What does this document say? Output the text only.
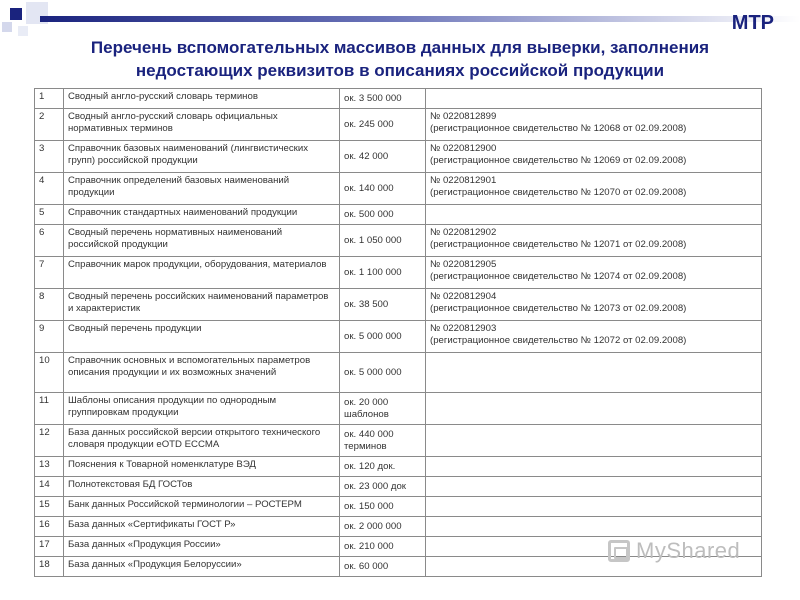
МТР
Перечень вспомогательных массивов данных для выверки, заполнения
недостающих реквизитов в описаниях российской продукции
1	Сводный англо-русский словарь терминов	ок. 3 500 000	

2	Сводный англо-русский словарь официальных нормативных терминов	ок. 245 000	№ 0220812899
(регистрационное свидетельство № 12068 от 02.09.2008)

3	Справочник базовых наименований (лингвистических групп) российской продукции	ок. 42 000	№ 0220812900
(регистрационное свидетельство № 12069 от 02.09.2008)

4	Справочник определений базовых наименований продукции	ок. 140 000	№ 0220812901
(регистрационное свидетельство № 12070 от 02.09.2008)

5	Справочник стандартных наименований продукции	ок. 500 000	

6	Сводный перечень нормативных наименований российской продукции	ок. 1 050 000	№ 0220812902
(регистрационное свидетельство № 12071 от 02.09.2008)

7	Справочник марок продукции, оборудования, материалов	ок. 1 100 000	№ 0220812905
(регистрационное свидетельство № 12074 от 02.09.2008)

8	Сводный перечень российских наименований параметров и характеристик	ок. 38 500	№ 0220812904
(регистрационное свидетельство № 12073 от 02.09.2008)

9	Сводный перечень продукции	ок. 5 000 000	№ 0220812903
(регистрационное свидетельство № 12072 от 02.09.2008)

10	Справочник основных и вспомогательных параметров описания продукции и их возможных значений	ок. 5 000 000	

11	Шаблоны описания продукции по однородным группировкам продукции	ок. 20 000 шаблонов	

12	База данных российской версии открытого технического словаря продукции eOTD ECCMA	ок. 440 000 терминов	

13	Пояснения к Товарной номенклатуре ВЭД	ок. 120 док.	

14	Полнотекстовая БД ГОСТов	ок. 23 000 док	

15	Банк данных Российской терминологии – РОСТЕРМ	ок. 150 000	

16	База данных «Сертификаты ГОСТ Р»	ок. 2 000 000	

17	База данных «Продукция России»	ок. 210 000	

18	База данных «Продукция Белоруссии»	ок. 60 000	
MyShared
